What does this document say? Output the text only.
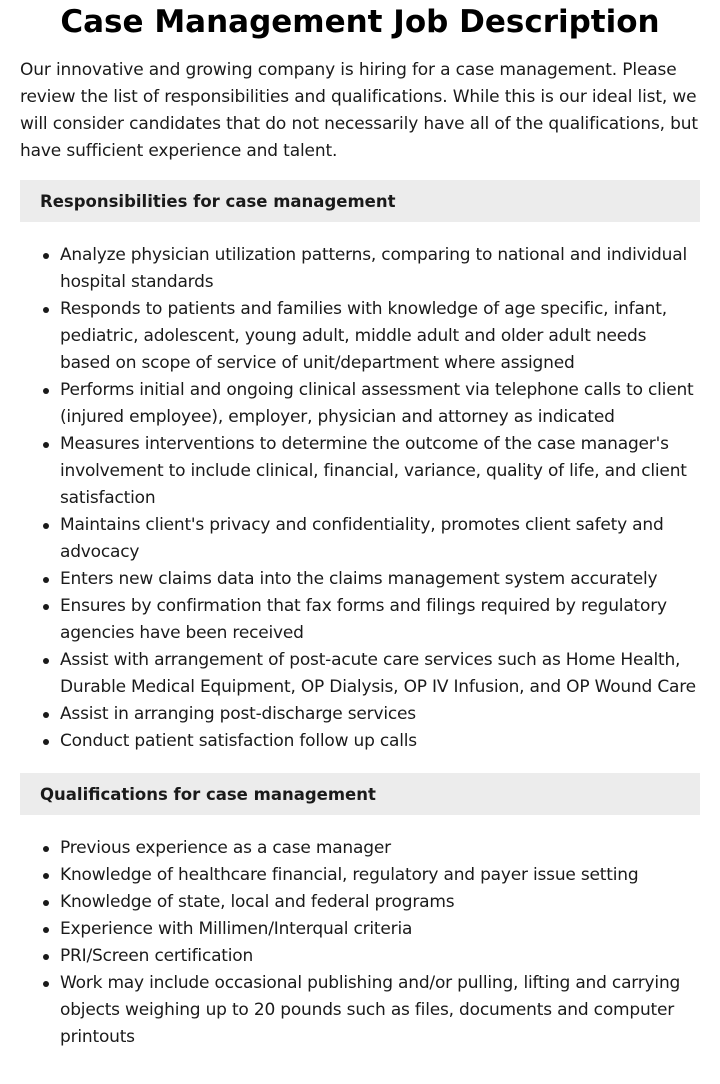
Case Management Job Description

Our innovative and growing company is hiring for a case management. Please review the list of responsibilities and qualifications. While this is our ideal list, we will consider candidates that do not necessarily have all of the qualifications, but have sufficient experience and talent.

Responsibilities for case management
Analyze physician utilization patterns, comparing to national and individual hospital standards
Responds to patients and families with knowledge of age specific, infant, pediatric, adolescent, young adult, middle adult and older adult needs based on scope of service of unit/department where assigned
Performs initial and ongoing clinical assessment via telephone calls to client (injured employee), employer, physician and attorney as indicated
Measures interventions to determine the outcome of the case manager's involvement to include clinical, financial, variance, quality of life, and client satisfaction
Maintains client's privacy and confidentiality, promotes client safety and advocacy
Enters new claims data into the claims management system accurately
Ensures by confirmation that fax forms and filings required by regulatory agencies have been received
Assist with arrangement of post-acute care services such as Home Health, Durable Medical Equipment, OP Dialysis, OP IV Infusion, and OP Wound Care
Assist in arranging post-discharge services
Conduct patient satisfaction follow up calls
Qualifications for case management
Previous experience as a case manager
Knowledge of healthcare financial, regulatory and payer issue setting
Knowledge of state, local and federal programs
Experience with Millimen/Interqual criteria
PRI/Screen certification
Work may include occasional publishing and/or pulling, lifting and carrying objects weighing up to 20 pounds such as files, documents and computer printouts
